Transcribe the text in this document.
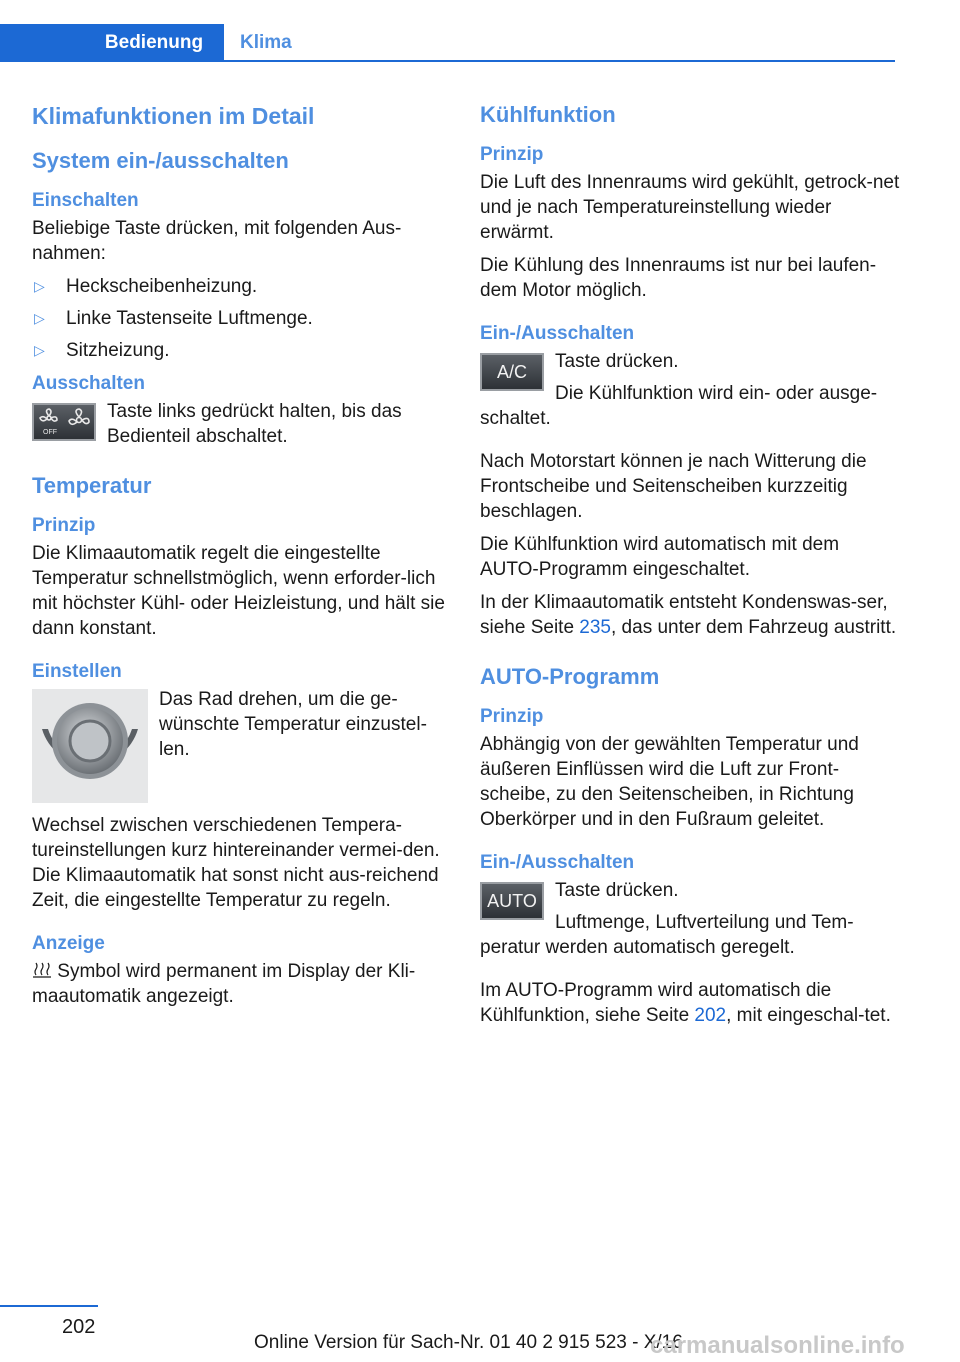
Bedienung Klima
Klimafunktionen im Detail
System ein-/ausschalten
Einschalten

Beliebige Taste drücken, mit folgenden Aus-nahmen:

▷ Heckscheibenheizung.
▷ Linke Tastenseite Luftmenge.
▷ Sitzheizung.
Ausschalten
OFF

Taste links gedrückt halten, bis das Bedienteil abschaltet.

Temperatur
Prinzip

Die Klimaautomatik regelt die eingestellte Temperatur schnellstmöglich, wenn erforder-lich mit höchster Kühl- oder Heizleistung, und hält sie dann konstant.

Einstellen

Das Rad drehen, um die ge-wünschte Temperatur einzustel-len.

Wechsel zwischen verschiedenen Tempera-tureinstellungen kurz hintereinander vermei-den. Die Klimaautomatik hat sonst nicht aus-reichend Zeit, die eingestellte Temperatur zu regeln.

Anzeige

Symbol wird permanent im Display der Kli-maautomatik angezeigt.

Kühlfunktion
Prinzip

Die Luft des Innenraums wird gekühlt, getrock-net und je nach Temperatureinstellung wieder erwärmt.

Die Kühlung des Innenraums ist nur bei laufen-dem Motor möglich.

Ein-/Ausschalten
A/C	Taste drücken.

Die Kühlfunktion wird ein- oder ausge-schaltet.

Nach Motorstart können je nach Witterung die Frontscheibe und Seitenscheiben kurzzeitig beschlagen.

Die Kühlfunktion wird automatisch mit dem AUTO-Programm eingeschaltet.

In der Klimaautomatik entsteht Kondenswas-ser, siehe Seite 235, das unter dem Fahrzeug austritt.

AUTO-Programm
Prinzip

Abhängig von der gewählten Temperatur und äußeren Einflüssen wird die Luft zur Front-scheibe, zu den Seitenscheiben, in Richtung Oberkörper und in den Fußraum geleitet.

Ein-/Ausschalten
AUTO Taste drücken.

Luftmenge, Luftverteilung und Tem-peratur werden automatisch geregelt.

Im AUTO-Programm wird automatisch die Kühlfunktion, siehe Seite 202, mit eingeschal-tet.

202
Online Version für Sach-Nr. 01 40 2 915 523 - X/16
carmanualsonline.info
